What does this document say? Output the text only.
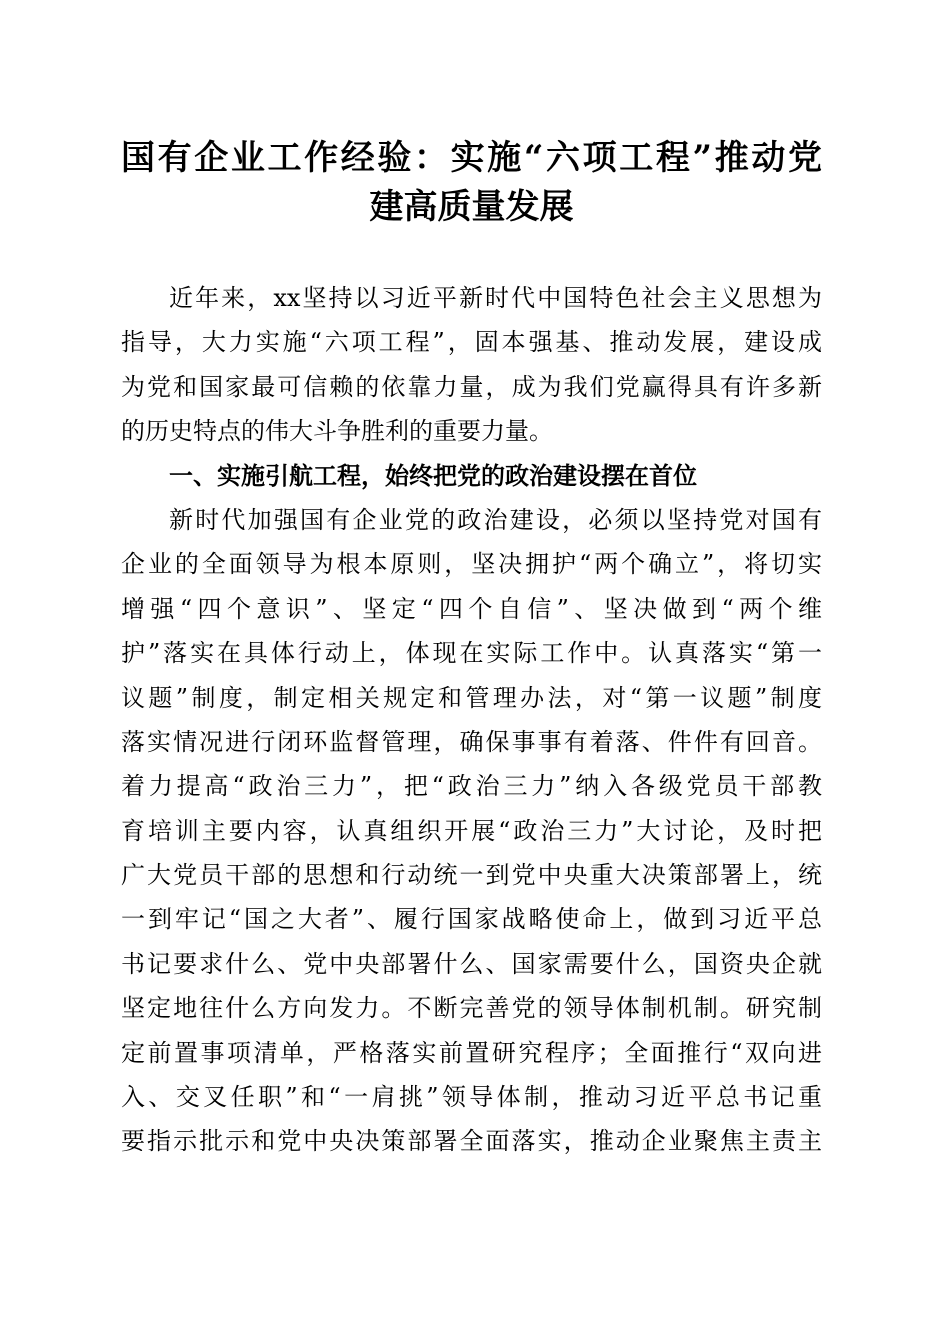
国有企业工作经验：实施“六项工程”推动党
建高质量发展
近年来，xx坚持以习近平新时代中国特色社会主义思想为
指导，大力实施“六项工程”，固本强基、推动发展，建设成
为党和国家最可信赖的依靠力量，成为我们党赢得具有许多新
的历史特点的伟大斗争胜利的重要力量。
一、实施引航工程，始终把党的政治建设摆在首位
新时代加强国有企业党的政治建设，必须以坚持党对国有
企业的全面领导为根本原则，坚决拥护“两个确立”，将切实
增强“四个意识”、坚定“四个自信”、坚决做到“两个维
护”落实在具体行动上，体现在实际工作中。认真落实“第一
议题”制度，制定相关规定和管理办法，对“第一议题”制度
落实情况进行闭环监督管理，确保事事有着落、件件有回音。
着力提高“政治三力”，把“政治三力”纳入各级党员干部教
育培训主要内容，认真组织开展“政治三力”大讨论，及时把
广大党员干部的思想和行动统一到党中央重大决策部署上，统
一到牢记“国之大者”、履行国家战略使命上，做到习近平总
书记要求什么、党中央部署什么、国家需要什么，国资央企就
坚定地往什么方向发力。不断完善党的领导体制机制。研究制
定前置事项清单，严格落实前置研究程序；全面推行“双向进
入、交叉任职”和“一肩挑”领导体制，推动习近平总书记重
要指示批示和党中央决策部署全面落实，推动企业聚焦主责主
